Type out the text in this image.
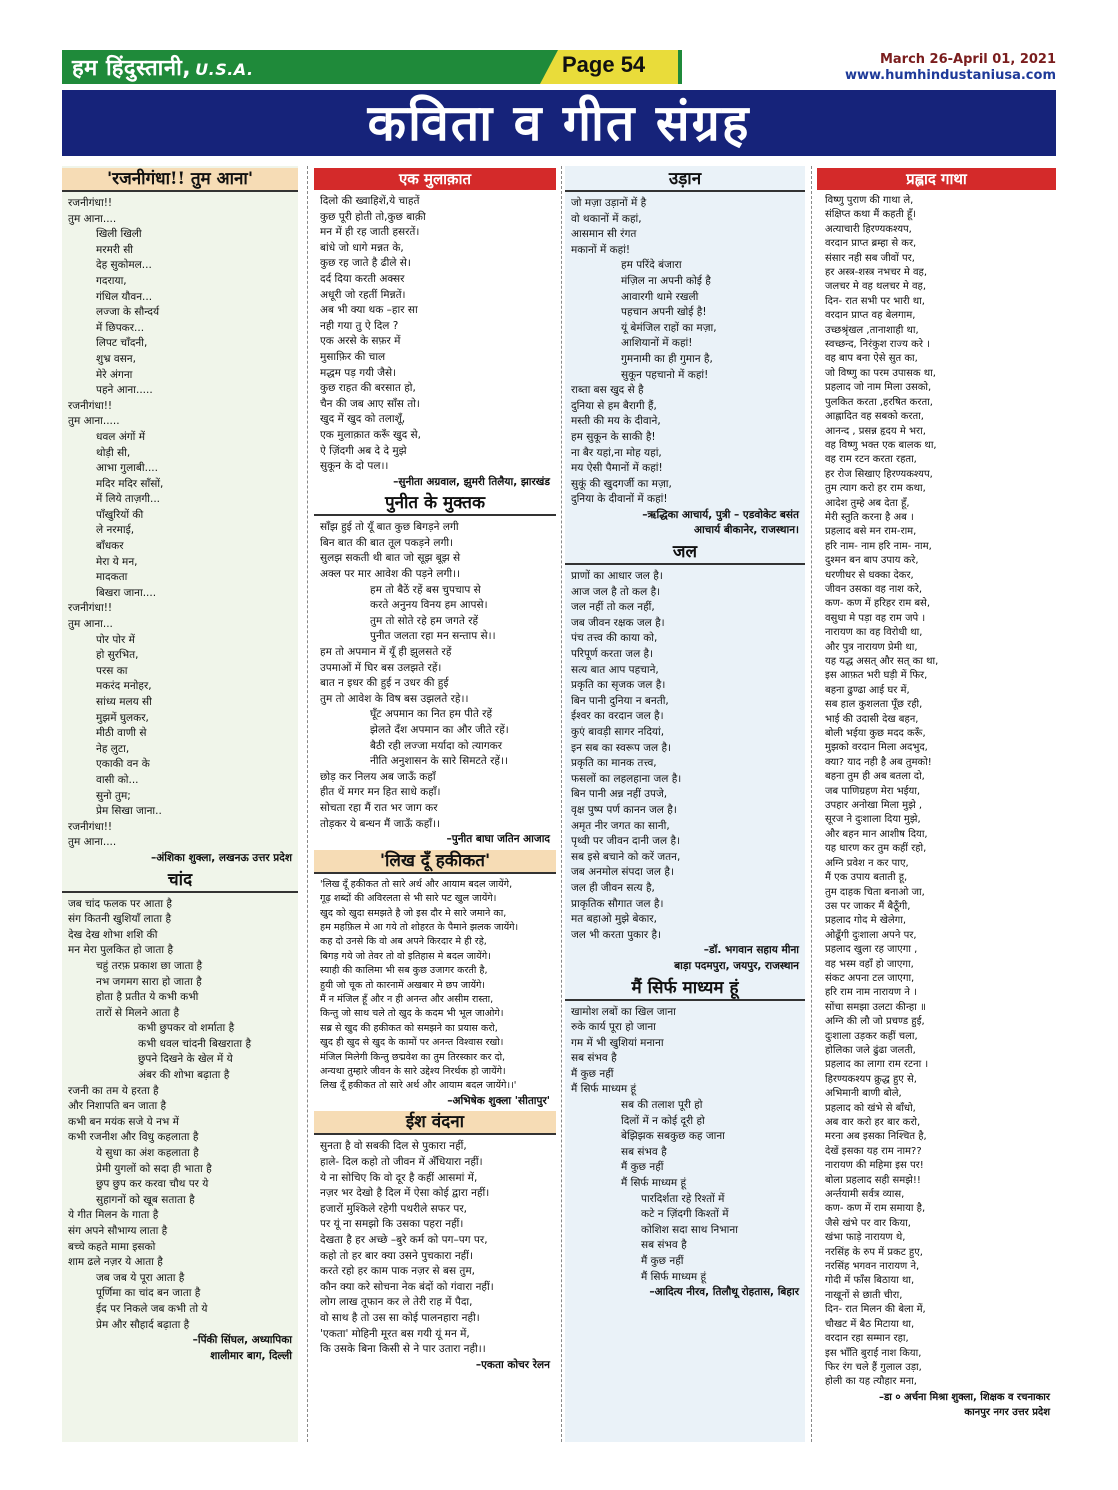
हम हिंदुस्तानी, U.S.A.	Page 54	March 26-April 01, 2021
www.humhindustaniusa.com
कविता व गीत संग्रह
'रजनीगंधा!! तुम आना'
रजनीगंधा!!
तुम आना....
खिली खिली
मरमरी सी
देह सुकोमल...
गदराया,
गंधिल यौवन...
लज्जा के सौन्दर्य
में छिपकर...
लिपट चाँदनी,
शुभ्र वसन,
मेरे अंगना
पहने आना.....
रजनीगंधा!!
तुम आना.....
धवल अंगों में
थोड़ी सी,
आभा गुलाबी....
मदिर मदिर साँसों,
में लिये ताज़गी...
पाँखुरियों की
ले नरमाई,
बाँधकर
मेरा ये मन,
मादकता
बिखरा जाना....
रजनीगंधा!!
तुम आना...
पोर पोर में
हो सुरभित,
परस का
मकरंद मनोहर,
सांध्य मलय सी
मुझमें घुलकर,
मीठी वाणी से
नेह लुटा,
एकाकी वन के
वासी को...
सुनो तुम;
प्रेम सिखा जाना..
रजनीगंधा!!
तुम आना....
–अंशिका शुक्ला, लखनऊ उत्तर प्रदेश
चांद
जब चांद फलक पर आता है
संग कितनी खुशियाँ लाता है
देख देख शोभा शशि की
मन मेरा पुलकित हो जाता है
चहुं तरफ़ प्रकाश छा जाता है
नभ जगमग सारा हो जाता है
होता है प्रतीत ये कभी कभी
तारों से मिलने आता है
कभी छुपकर वो शर्माता है
कभी धवल चांदनी बिखराता है
छुपने दिखने के खेल में ये
अंबर की शोभा बढ़ाता है
रजनी का तम ये हरता है
और निशापति बन जाता है
कभी बन मयंक सजे ये नभ में
कभी रजनीश और विधु कहलाता है
ये सुधा का अंश कहलाता है
प्रेमी युगलों को सदा ही भाता है
छुप छुप कर करवा चौथ पर ये
सुहागनों को खूब सताता है
ये गीत मिलन के गाता है
संग अपने सौभाग्य लाता है
बच्चे कहते मामा इसको
शाम ढले नज़र ये आता है
जब जब ये पूरा आता है
पूर्णिमा का चांद बन जाता है
ईद पर निकले जब कभी तो ये
प्रेम और सौहार्द बढ़ाता है
–पिंकी सिंघल, अध्यापिका
शालीमार बाग, दिल्ली
एक मुलाक़ात
दिलो की ख्वाहिशें,ये चाहतें
कुछ पूरी होती तो,कुछ बाक़ी
मन में ही रह जाती हसरतें।
बांधे जो धागे मन्नत के,
कुछ रह जाते है ढीले से।
दर्द दिया करती अक्सर
अधूरी जो रहतीं मिन्नतें।
अब भी क्या थक –हार सा
नही गया तु ऐ दिल ?
एक अरसे के सफ़र में
मुसाफ़िर की चाल
मद्धम पड़ गयी जैसे।
कुछ राहत की बरसात हो,
चैन की जब आए साँस तो।
खुद में खुद को तलाशूँ,
एक मुलाक़ात करूँ खुद से,
ऐ ज़िंदगी अब दे दे मुझे
सुकून के दो पल।।
–सुनीता अग्रवाल, झुमरी तिलैया, झारखंड
पुनीत के मुक्तक
साँझ हुई तो यूँ बात कुछ बिगड़ने लगी
बिन बात की बात तूल पकड़ने लगी।
सुलझ सकती थी बात जो सूझ बूझ से
अक्ल पर मार आवेश की पड़ने लगी।।
हम तो बैठें रहें बस चुपचाप से
करते अनुनय विनय हम आपसे।
तुम तो सोते रहे हम जगते रहें
पुनीत जलता रहा मन सन्ताप से।।
हम तो अपमान में यूँ ही झुलसते रहें
उपमाओं में घिर बस उलझते रहें।
बात न इधर की हुई न उधर की हुई
तुम तो आवेश के विष बस उझलते रहे।।
घूँट अपमान का नित हम पीते रहें
झेलते दँश अपमान का और जीते रहें।
बैठी रही लज्जा मर्यादा को त्यागकर
नीति अनुशासन के सारे सिमटते रहें।।
छोड़ कर निलय अब जाऊँ कहाँ
हीत थें मगर मन हित साधे कहाँ।
सोचता रहा मैं रात भर जाग कर
तोड़कर ये बन्धन मैं जाऊँ कहाँ।।
–पुनीत बाघा जतिन आजाद
'लिख दूँ हकीकत'
'लिख दूँ हकीकत तो सारे अर्थ और आयाम बदल जायेंगे,
गूढ़ शब्दों की अविरलता से भी सारे पट खुल जायेंगे।
खुद को खुदा समझते है जो इस दौर मे सारे जमाने का,
हम महफ़िल मे आ गये तो शोहरत के पैमाने झलक जायेंगे।
कह दो उनसे कि वो अब अपने किरदार मे ही रहे,
बिगड़ गये जो तेवर तो वो इतिहास मे बदल जायेंगे।
स्याही की कालिमा भी सब कुछ उजागर करती है,
हुयी जो चूक तो कारनामें अखबार मे छप जायेंगे।
मैं न मंजिल हूँ और न ही अनन्त और असीम रास्ता,
किन्तु जो साथ चले तो खुद के कदम भी भूल जाओगे।
सब्र से खुद की हकीकत को समझने का प्रयास करो,
खुद ही खुद से खुद के कामों पर अनन्त विश्वास रखो।
मंजिल मिलेगी किन्तु छद्मवेश का तुम तिरस्कार कर दो,
अन्यथा तुम्हारे जीवन के सारे उद्देश्य निरर्थक हो जायेंगे।
लिख दूँ हकीकत तो सारे अर्थ और आयाम बदल जायेंगे।।'
–अभिषेक शुक्ला 'सीतापुर'
ईश वंदना
सुनता है वो सबकी दिल से पुकारा नहीं,
हाले- दिल कहो तो जीवन में अँधियारा नहीं।
ये ना सोचिए कि वो दूर है कहीं आसमां में,
नज़र भर देखो है दिल में ऐसा कोई द्वारा नहीं।
हजारों मुश्किले रहेगी पथरीले सफर पर,
पर यूं ना समझो कि उसका पहरा नहीं।
देखता है हर अच्छे –बुरे कर्म को पग–पग पर,
कहो तो हर बार क्या उसने पुचकारा नहीं।
करते रहो हर काम पाक नज़र से बस तुम,
कौन क्या करे सोचना नेक बंदों को गंवारा नहीं।
लोग लाख तूफान कर ले तेरी राह में पैदा,
वो साथ है तो उस सा कोई पालनहारा नही।
'एकता' मोहिनी मूरत बस गयी यूं मन में,
कि उसके बिना किसी से ने पार उतारा नही।।
–एकता कोचर रेलन
उड़ान
जो मज़ा उड़ानों में है
वो थकानों में कहां,
आसमान सी रंगत
मकानों में कहां!
हम परिंदे बंजारा
मंज़िल ना अपनी कोई है
आवारगी थामे रखली
पहचान अपनी खोई है!
यूं बेमंजिल राहों का मज़ा,
आशियानों में कहां!
गुमनामी का ही गुमान है,
सुकून पहचानो में कहां!
राब्ता बस खुद से है
दुनिया से हम बैरागी हैं,
मस्ती की मय के दीवाने,
हम सुकून के साकी है!
ना बैर यहां,ना मोह यहां,
मय ऐसी पैमानों में कहां!
सुकूं की खुदगर्जी का मज़ा,
दुनिया के दीवानों में कहां!
–ऋद्धिका आचार्य, पुत्री – एडवोकेट बसंत
आचार्य बीकानेर, राजस्थान।
जल
प्राणों का आधार जल है।
आज जल है तो कल है।
जल नहीं तो कल नहीं,
जब जीवन रक्षक जल है।
पंच तत्त्व की काया को,
परिपूर्ण करता जल है।
सत्य बात आप पहचाने,
प्रकृति का सृजक जल है।
बिन पानी दुनिया न बनती,
ईश्वर का वरदान जल है।
कुएं बावड़ी सागर नदियां,
इन सब का स्वरूप जल है।
प्रकृति का मानक तत्त्व,
फसलों का लहलहाना जल है।
बिन पानी अन्न नहीं उपजे,
वृक्ष पुष्प पर्ण कानन जल है।
अमृत नीर जगत का सानी,
पृथ्वी पर जीवन दानी जल है।
सब इसे बचाने को करें जतन,
जब अनमोल संपदा जल है।
जल ही जीवन सत्य है,
प्राकृतिक सौगात जल है।
मत बहाओ मुझे बेकार,
जल भी करता पुकार है।
–डॉ. भगवान सहाय मीना
बाड़ा पदमपुरा, जयपुर, राजस्थान
मैं सिर्फ माध्यम हूं
खामोश लबों का खिल जाना
रुके कार्य पूरा हो जाना
गम में भी खुशियां मनाना
सब संभव है
मैं कुछ नहीं
मैं सिर्फ माध्यम हूं
सब की तलाश पूरी हो
दिलों में न कोई दूरी हो
बेझिझक सबकुछ कह जाना
सब संभव है
मैं कुछ नहीं
मैं सिर्फ माध्यम हूं
पारदिर्शता रहे रिश्तों में
कटे न ज़िंदगी किश्तों में
कोशिश सदा साथ निभाना
सब संभव है
मैं कुछ नहीं
मैं सिर्फ माध्यम हूं
–आदित्य नीरव, तिलौथू रोहतास, बिहार
प्रह्लाद गाथा
विष्णु पुराण की गाथा ले,
संक्षिप्त कथा मैं कहती हूँ।
अत्याचारी हिरण्यकश्यप,
वरदान प्राप्त ब्रम्हा से कर,
संसार नही सब जीवों पर,
हर अस्त्र-शस्त्र नभचर मे वह,
जलचर मे वह थलचर मे वह,
दिन- रात सभी पर भारी था,
वरदान प्राप्त वह बेलगाम,
उच्छश्रृंखल ,तानाशाही था,
स्वच्छन्द, निरंकुश राज्य करे ।
वह बाप बना ऐसे सुत का,
जो विष्णु का परम उपासक था,
प्रहलाद जो नाम मिला उसको,
पुलकित करता ,हरषित करता,
आह्लादित वह सबको करता,
आनन्द , प्रसन्न हृदय मे भरा,
वह विष्णु भक्त एक बालक था,
वह राम रटन करता रहता,
हर रोज सिखाए हिरण्यकश्यप,
तुम त्याग करो हर राम कथा,
आदेश तुम्हे अब देता हूँ,
मेरी स्तुति करना है अब ।
प्रहलाद बसे मन राम-राम,
हरि नाम- नाम हरि नाम- नाम,
दुश्मन बन बाप उपाय करे,
धरणीधर से धक्का देकर,
जीवन उसका वह नाश करे,
कण- कण में हरिहर राम बसे,
वसुधा मे पड़ा वह राम जपे ।
नारायण का वह विरोधी था,
और पुत्र नारायण प्रेमी था,
यह यद्ध असत् और सत् का था,
इस आफ़त भरी घड़ी में फिर,
बहना ढुण्ढा आई घर में,
सब हाल कुशलता पूँछ रही,
भाई की उदासी देख बहन,
बोली भईया कुछ मदद करूँ,
मुझको वरदान मिला अदभुद,
क्या? याद नही है अब तुमको!
बहना तुम ही अब बतला दो,
जब पाणिग्रहण मेरा भईया,
उपहार अनोखा मिला मुझे ,
सूरज ने दुःशाला दिया मुझे,
और बहन मान आशीष दिया,
यह धारण कर तुम कहीं रहो,
अग्नि प्रवेश न कर पाए,
मैं एक उपाय बताती हू,
तुम दाहक चिता बनाओ जा,
उस पर जाकर मैं बैठूँगी,
प्रहलाद गोद मे खेलेगा,
ओढूँगी दुःशाला अपने पर,
प्रहलाद खुला रह जाएगा ,
वह भस्म वहाँ हो जाएगा,
संकट अपना टल जाएगा,
हरि राम नाम नारायण ने ।
सोंचा समझा उलटा कीन्हा ॥
अग्नि की लौ जो प्रचण्ड हुई,
दुःशाला उड़कर कहीं चला,
होलिका जले ढुंढा जलती,
प्रहलाद का लागा राम रटना ।
हिरण्यकश्यप क्रुद्ध हुए से,
अभिमानी बाणी बोले,
प्रहलाद को खंभे से बाँधो,
अब वार करो हर बार करो,
मरना अब इसका निश्चित है,
देखें इसका यह राम नाम??
नारायण की महिमा इस पर!
बोला प्रहलाद सही समझे!!
अर्न्तयामी सर्वत्र व्यास,
कण- कण में राम समाया है,
जैसे खंभे पर वार किया,
खंभा फाड़े नारायण थे,
नरसिंह के रुप में प्रकट हुए,
नरसिंह भगवन नारायण ने,
गोदी में फाँस बिठाया था,
नाखूनों से छाती चीरा,
दिन- रात मिलन की बेला में,
चौखट में बैठ मिटाया था,
वरदान रहा सम्मान रहा,
इस भाँति बुराई नाश किया,
फिर रंग चले हैं गुलाल उड़ा,
होली का यह त्यौहार मना,
–डा ० अर्चना मिश्रा शुक्ला, शिक्षक व रचनाकार
कानपुर नगर उत्तर प्रदेश
